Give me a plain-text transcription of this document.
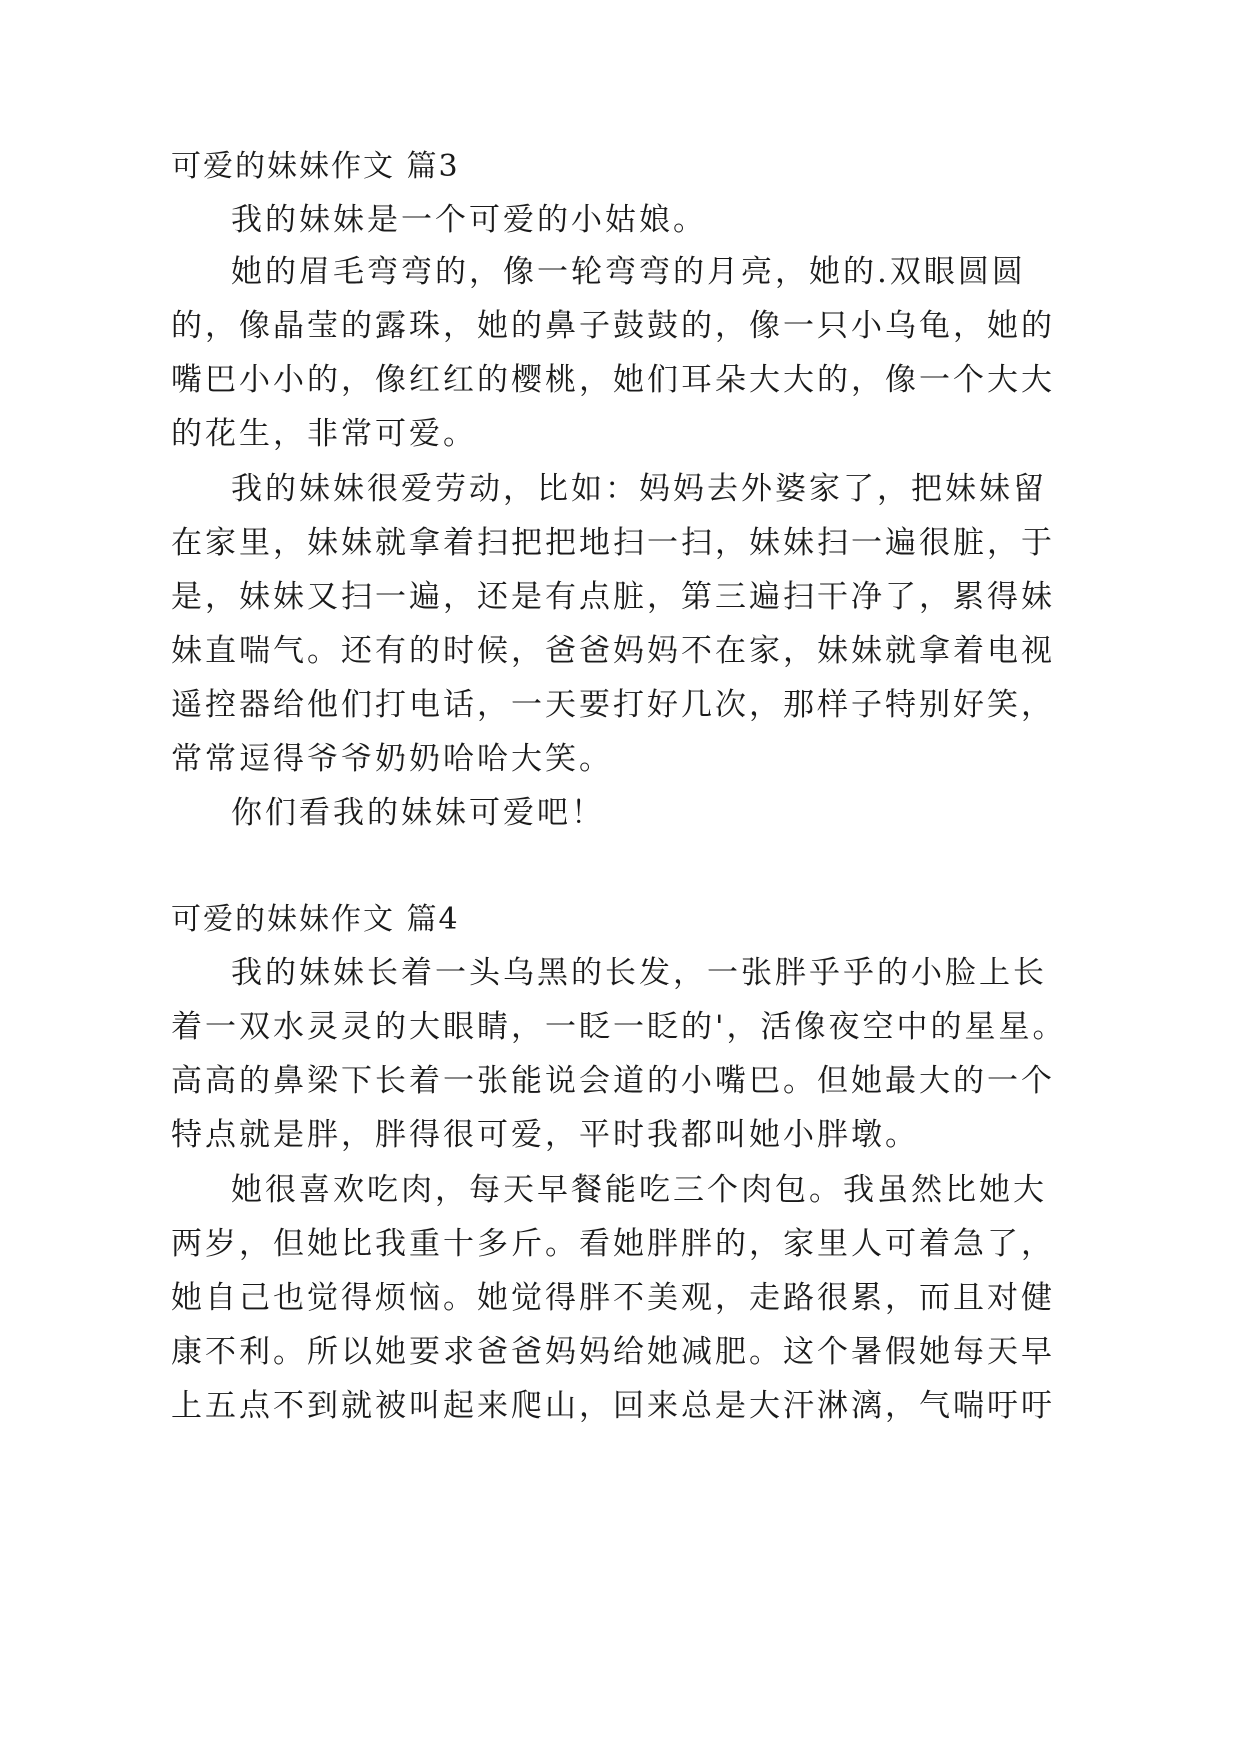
可爱的妹妹作文 篇3
我的妹妹是一个可爱的小姑娘。
她的眉毛弯弯的，像一轮弯弯的月亮，她的.双眼圆圆
的，像晶莹的露珠，她的鼻子鼓鼓的，像一只小乌龟，她的
嘴巴小小的，像红红的樱桃，她们耳朵大大的，像一个大大
的花生，非常可爱。
我的妹妹很爱劳动，比如：妈妈去外婆家了，把妹妹留
在家里，妹妹就拿着扫把把地扫一扫，妹妹扫一遍很脏，于
是，妹妹又扫一遍，还是有点脏，第三遍扫干净了，累得妹
妹直喘气。还有的时候，爸爸妈妈不在家，妹妹就拿着电视
遥控器给他们打电话，一天要打好几次，那样子特别好笑，
常常逗得爷爷奶奶哈哈大笑。
你们看我的妹妹可爱吧！
可爱的妹妹作文 篇4
我的妹妹长着一头乌黑的长发，一张胖乎乎的小脸上长
着一双水灵灵的大眼睛，一眨一眨的'，活像夜空中的星星。
高高的鼻梁下长着一张能说会道的小嘴巴。但她最大的一个
特点就是胖，胖得很可爱，平时我都叫她小胖墩。
她很喜欢吃肉，每天早餐能吃三个肉包。我虽然比她大
两岁，但她比我重十多斤。看她胖胖的，家里人可着急了，
她自己也觉得烦恼。她觉得胖不美观，走路很累，而且对健
康不利。所以她要求爸爸妈妈给她减肥。这个暑假她每天早
上五点不到就被叫起来爬山，回来总是大汗淋漓，气喘吁吁
